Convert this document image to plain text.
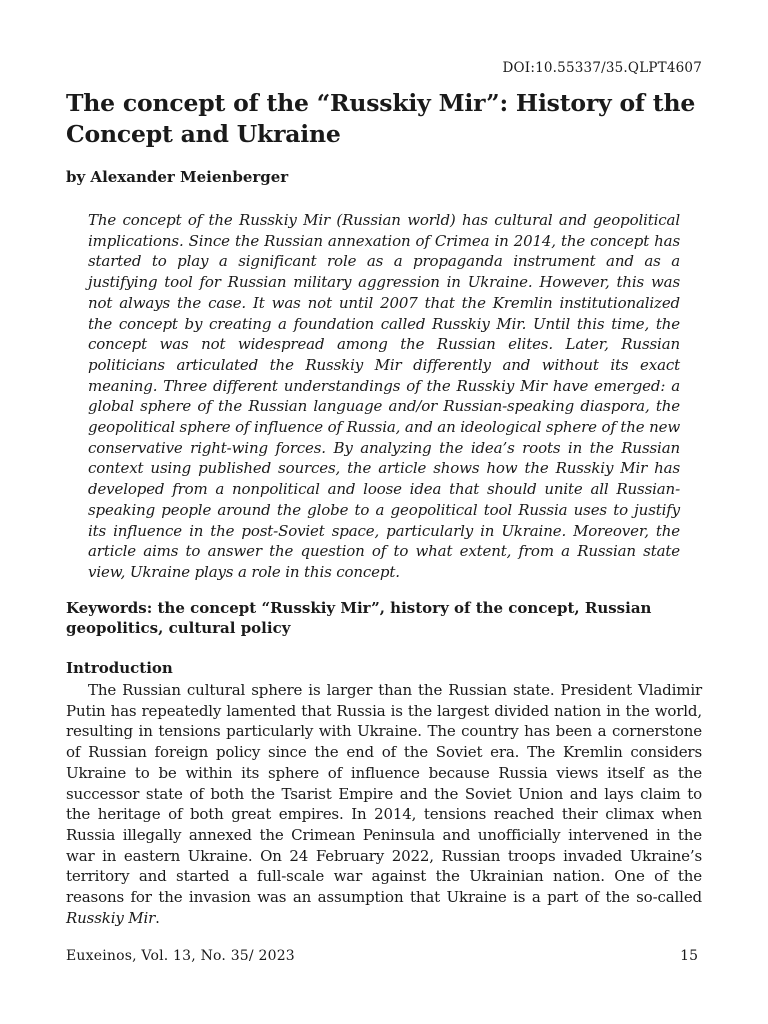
DOI:10.55337/35.QLPT4607
The concept of the “Russkiy Mir”: History of the Concept and Ukraine
by Alexander Meienberger

The concept of the Russkiy Mir (Russian world) has cultural and geopolitical implications. Since the Russian annexation of Crimea in 2014, the concept has started to play a significant role as a propaganda instrument and as a justifying tool for Russian military aggression in Ukraine. However, this was not always the case. It was not until 2007 that the Kremlin institutionalized the concept by creating a foundation called Russkiy Mir. Until this time, the concept was not widespread among the Russian elites. Later, Russian politicians articulated the Russkiy Mir differently and without its exact meaning. Three different understandings of the Russkiy Mir have emerged: a global sphere of the Russian language and/or Russian-speaking diaspora, the geopolitical sphere of influence of Russia, and an ideological sphere of the new conservative right-wing forces. By analyzing the idea’s roots in the Russian context using published sources, the article shows how the Russkiy Mir has developed from a nonpolitical and loose idea that should unite all Russian-speaking people around the globe to a geopolitical tool Russia uses to justify its influence in the post-Soviet space, particularly in Ukraine. Moreover, the article aims to answer the question of to what extent, from a Russian state view, Ukraine plays a role in this concept.

Keywords: the concept “Russkiy Mir”, history of the concept, Russian geopolitics, cultural policy

Introduction

The Russian cultural sphere is larger than the Russian state. President Vladimir Putin has repeatedly lamented that Russia is the largest divided nation in the world, resulting in tensions particularly with Ukraine. The country has been a cornerstone of Russian foreign policy since the end of the Soviet era. The Kremlin considers Ukraine to be within its sphere of influence because Russia views itself as the successor state of both the Tsarist Empire and the Soviet Union and lays claim to the heritage of both great empires. In 2014, tensions reached their climax when Russia illegally annexed the Crimean Peninsula and unofficially intervened in the war in eastern Ukraine. On 24 February 2022, Russian troops invaded Ukraine’s territory and started a full-scale war against the Ukrainian nation. One of the reasons for the invasion was an assumption that Ukraine is a part of the so-called Russkiy Mir.

Euxeinos, Vol. 13, No. 35/ 2023	15
